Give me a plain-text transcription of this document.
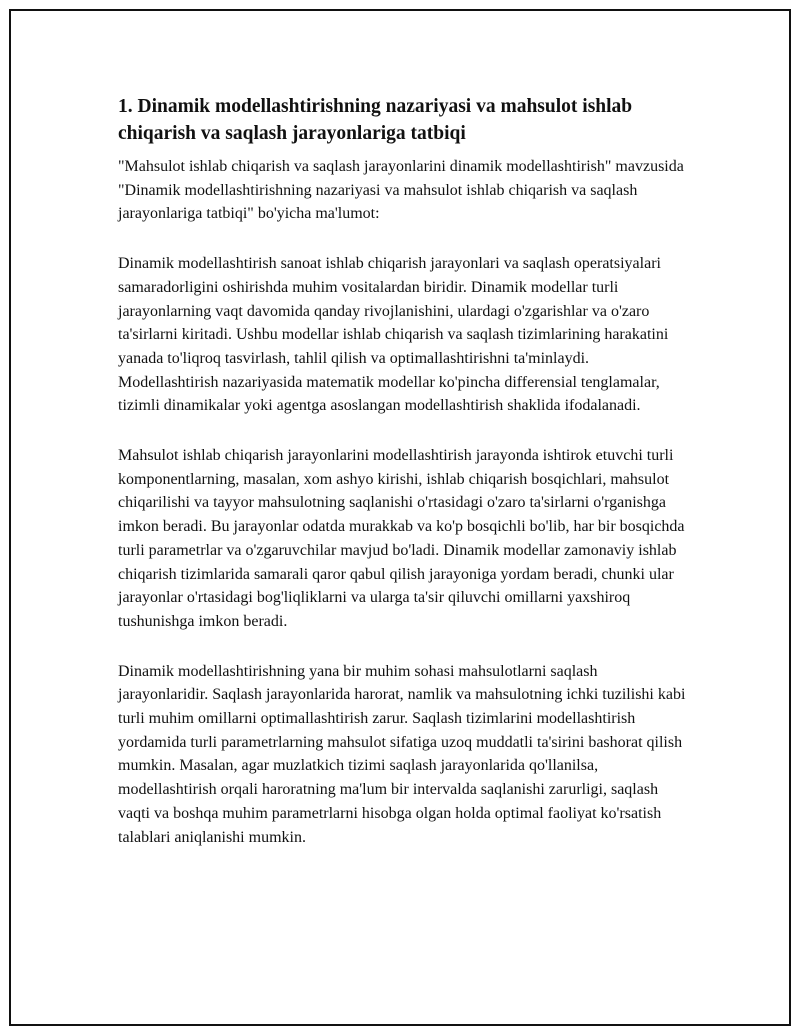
1. Dinamik modellashtirishning nazariyasi va mahsulot ishlab chiqarish va saqlash jarayonlariga tatbiqi

"Mahsulot ishlab chiqarish va saqlash jarayonlarini dinamik modellashtirish" mavzusida "Dinamik modellashtirishning nazariyasi va mahsulot ishlab chiqarish va saqlash jarayonlariga tatbiqi" bo'yicha ma'lumot:

Dinamik modellashtirish sanoat ishlab chiqarish jarayonlari va saqlash operatsiyalari samaradorligini oshirishda muhim vositalardan biridir. Dinamik modellar turli jarayonlarning vaqt davomida qanday rivojlanishini, ulardagi o'zgarishlar va o'zaro ta'sirlarni kiritadi. Ushbu modellar ishlab chiqarish va saqlash tizimlarining harakatini yanada to'liqroq tasvirlash, tahlil qilish va optimallashtirishni ta'minlaydi. Modellashtirish nazariyasida matematik modellar ko'pincha differensial tenglamalar, tizimli dinamikalar yoki agentga asoslangan modellashtirish shaklida ifodalanadi.

Mahsulot ishlab chiqarish jarayonlarini modellashtirish jarayonda ishtirok etuvchi turli komponentlarning, masalan, xom ashyo kirishi, ishlab chiqarish bosqichlari, mahsulot chiqarilishi va tayyor mahsulotning saqlanishi o'rtasidagi o'zaro ta'sirlarni o'rganishga imkon beradi. Bu jarayonlar odatda murakkab va ko'p bosqichli bo'lib, har bir bosqichda turli parametrlar va o'zgaruvchilar mavjud bo'ladi. Dinamik modellar zamonaviy ishlab chiqarish tizimlarida samarali qaror qabul qilish jarayoniga yordam beradi, chunki ular jarayonlar o'rtasidagi bog'liqliklarni va ularga ta'sir qiluvchi omillarni yaxshiroq tushunishga imkon beradi.

Dinamik modellashtirishning yana bir muhim sohasi mahsulotlarni saqlash jarayonlaridir. Saqlash jarayonlarida harorat, namlik va mahsulotning ichki tuzilishi kabi turli muhim omillarni optimallashtirish zarur. Saqlash tizimlarini modellashtirish yordamida turli parametrlarning mahsulot sifatiga uzoq muddatli ta'sirini bashorat qilish mumkin. Masalan, agar muzlatkich tizimi saqlash jarayonlarida qo'llanilsa, modellashtirish orqali haroratning ma'lum bir intervalda saqlanishi zarurligi, saqlash vaqti va boshqa muhim parametrlarni hisobga olgan holda optimal faoliyat ko'rsatish talablari aniqlanishi mumkin.
